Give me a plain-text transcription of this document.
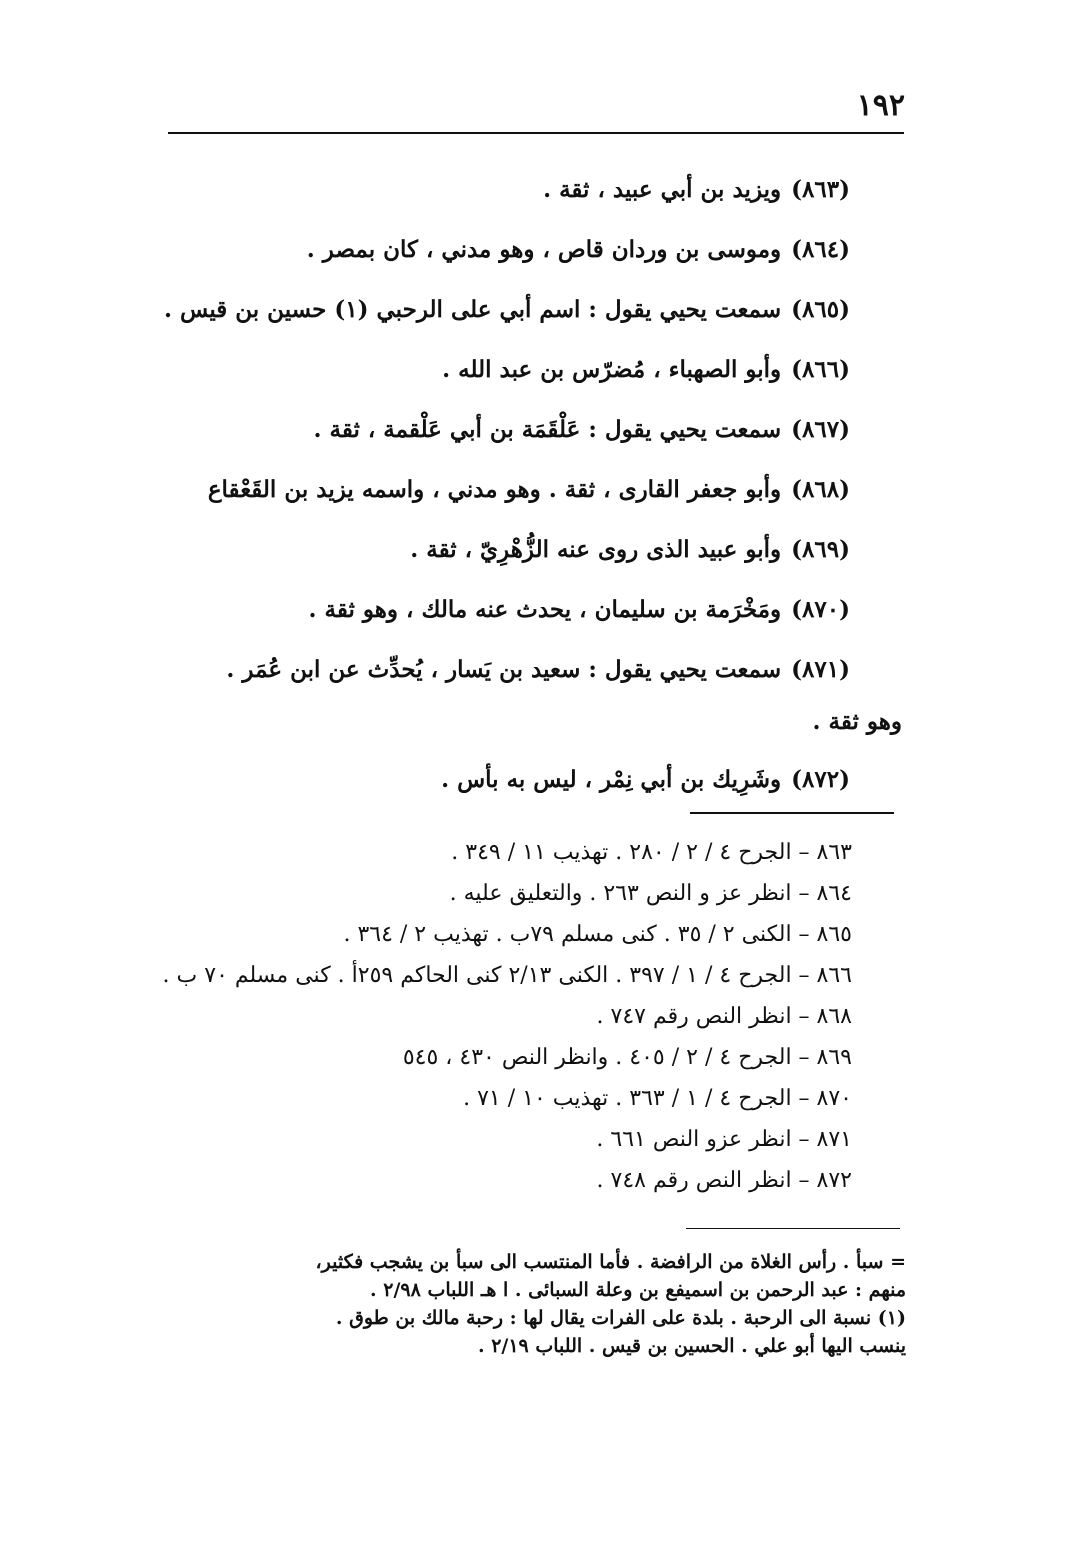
١٩٢
(٨٦٣)ويزيد بن أبي عبيد ، ثقة .
(٨٦٤)وموسى بن وردان قاص ، وهو مدني ، كان بمصر .
(٨٦٥)سمعت يحيي يقول : اسم أبي على الرحبي (١) حسين بن قيس .
(٨٦٦)وأبو الصهباء ، مُضرّس بن عبد الله .
(٨٦٧)سمعت يحيي يقول : عَلْقَمَة بن أبي عَلْقمة ، ثقة .
(٨٦٨)وأبو جعفر القارى ، ثقة . وهو مدني ، واسمه يزيد بن القَعْقاع
(٨٦٩)وأبو عبيد الذى روى عنه الزُّهْرِيّ ، ثقة .
(٨٧٠)ومَخْرَمة بن سليمان ، يحدث عنه مالك ، وهو ثقة .
(٨٧١)سمعت يحيي يقول : سعيد بن يَسار ، يُحدِّث عن ابن عُمَر .
وهو ثقة .
(٨٧٢)وشَرِيك بن أبي نِمْر ، ليس به بأس .
٨٦٣ – الجرح ٤ / ٢ / ٢٨٠ . تهذيب ١١ / ٣٤٩ .
٨٦٤ – انظر عز و النص ٢٦٣ . والتعليق عليه .
٨٦٥ – الكنى ٢ / ٣٥ . كنى مسلم ٧٩ب . تهذيب ٢ / ٣٦٤ .
٨٦٦ – الجرح ٤ / ١ / ٣٩٧ . الكنى ٢/١٣ كنى الحاكم ٢٥٩أ . كنى مسلم ٧٠ ب .
٨٦٨ – انظر النص رقم ٧٤٧ .
٨٦٩ – الجرح ٤ / ٢ / ٤٠٥ . وانظر النص ٤٣٠ ، ٥٤٥
٨٧٠ – الجرح ٤ / ١ / ٣٦٣ . تهذيب ١٠ / ٧١ .
٨٧١ – انظر عزو النص ٦٦١ .
٨٧٢ – انظر النص رقم ٧٤٨ .
= سبأ . رأس الغلاة من الرافضة . فأما المنتسب الى سبأ بن يشجب فكثير،
منهم : عبد الرحمن بن اسميفع بن وعلة السبائى . ا هـ اللباب ٢/٩٨ .
(١) نسبة الى الرحبة . بلدة على الفرات يقال لها : رحبة مالك بن طوق .
ينسب اليها أبو علي . الحسين بن قيس . اللباب ٢/١٩ .
